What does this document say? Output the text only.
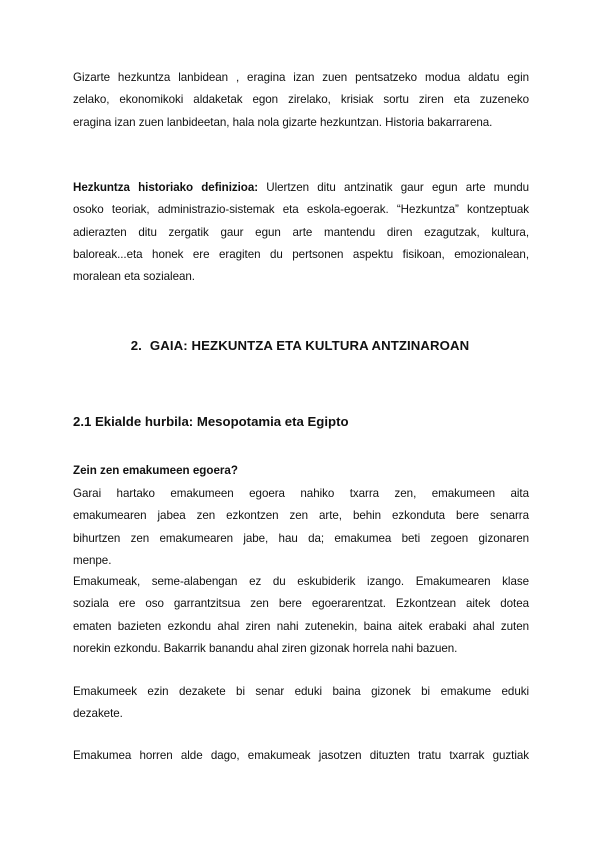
Gizarte hezkuntza lanbidean , eragina izan zuen pentsatzeko modua aldatu egin
zelako, ekonomikoki aldaketak egon zirelako, krisiak sortu ziren eta zuzeneko
eragina izan zuen lanbideetan, hala nola gizarte hezkuntzan. Historia bakarrarena.
Hezkuntza historiako definizioa: Ulertzen ditu antzinatik gaur egun arte mundu
osoko teoriak, administrazio-sistemak eta eskola-egoerak. “Hezkuntza” kontzeptuak
adierazten ditu zergatik gaur egun arte mantendu diren ezagutzak, kultura,
baloreak...eta honek ere eragiten du pertsonen aspektu fisikoan, emozionalean,
moralean eta sozialean.
2. GAIA: HEZKUNTZA ETA KULTURA ANTZINAROAN
2.1 Ekialde hurbila: Mesopotamia eta Egipto
Zein zen emakumeen egoera?
Garai hartako emakumeen egoera nahiko txarra zen, emakumeen aita
emakumearen jabea zen ezkontzen zen arte, behin ezkonduta bere senarra
bihurtzen zen emakumearen jabe, hau da; emakumea beti zegoen gizonaren
menpe.
Emakumeak, seme-alabengan ez du eskubiderik izango. Emakumearen klase
soziala ere oso garrantzitsua zen bere egoerarentzat. Ezkontzean aitek dotea
ematen bazieten ezkondu ahal ziren nahi zutenekin, baina aitek erabaki ahal zuten
norekin ezkondu. Bakarrik banandu ahal ziren gizonak horrela nahi bazuen.
Emakumeek ezin dezakete bi senar eduki baina gizonek bi emakume eduki
dezakete.
Emakumea horren alde dago, emakumeak jasotzen dituzten tratu txarrak guztiak
